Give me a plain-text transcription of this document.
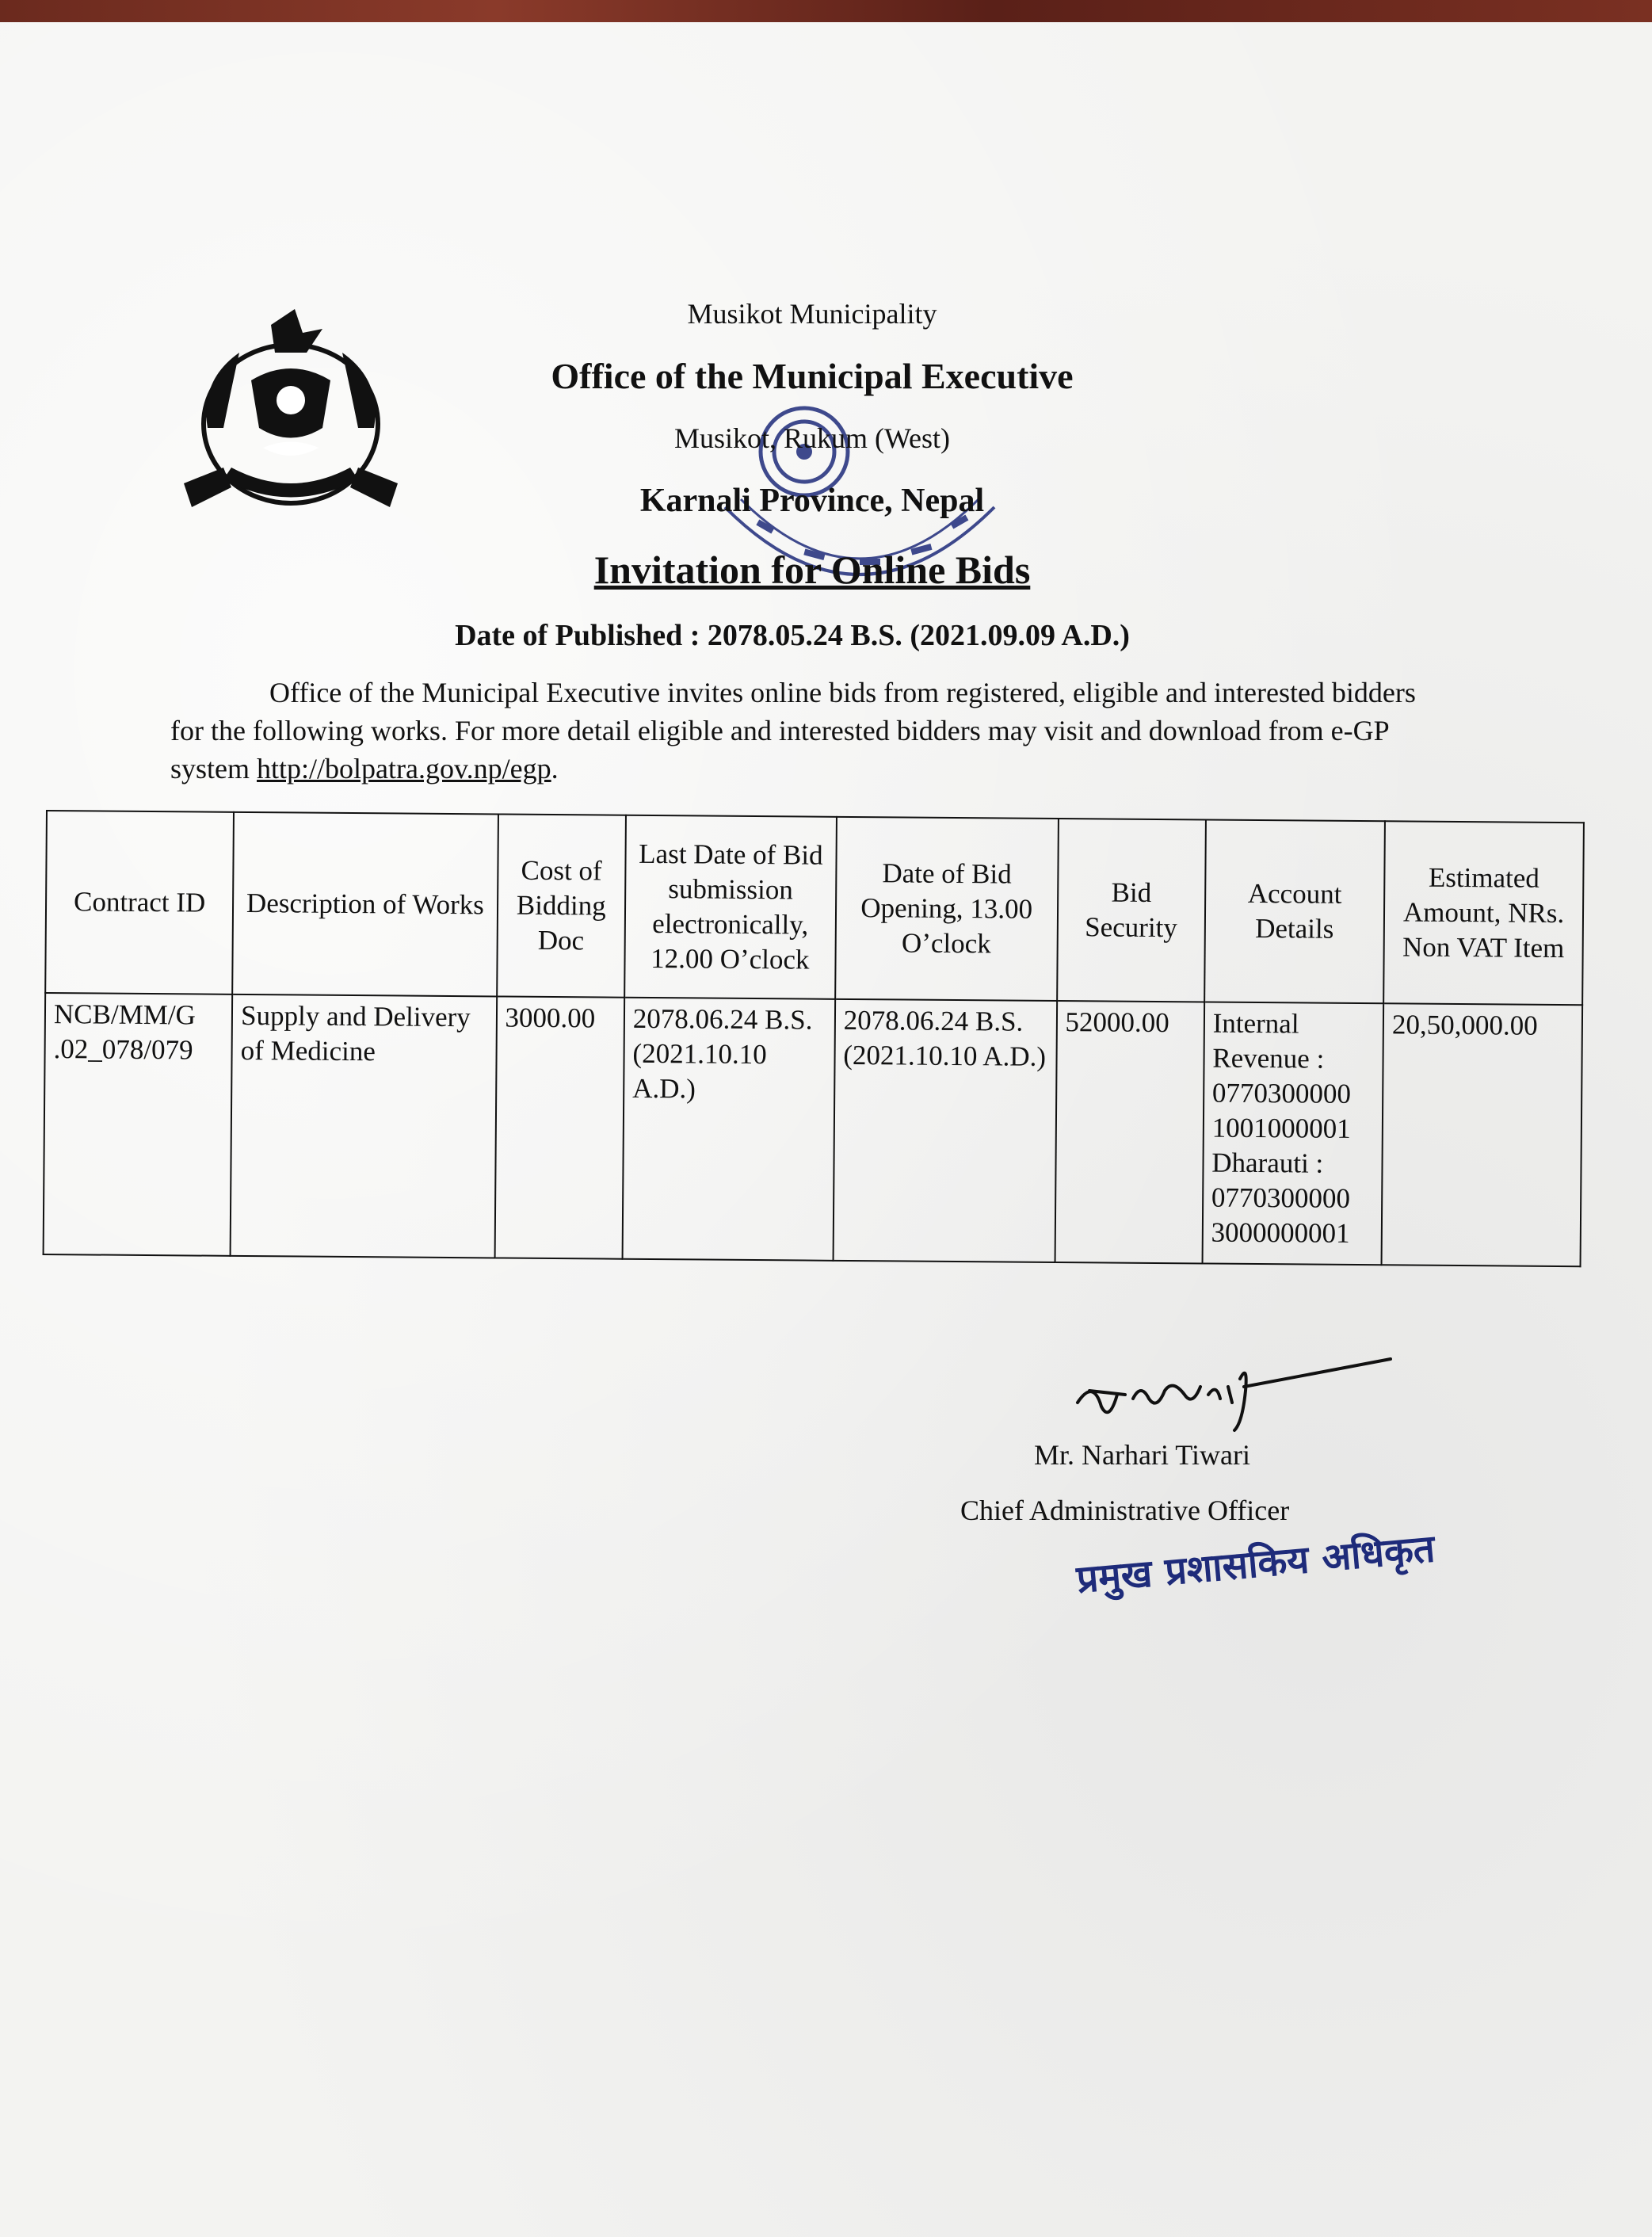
Musikot Municipality
Office of the Municipal Executive
Musikot, Rukum (West)
Karnali Province, Nepal
Invitation for Online Bids
Date of Published : 2078.05.24 B.S. (2021.09.09 A.D.)
Office of the Municipal Executive invites online bids from registered, eligible and interested bidders for the following works. For more detail eligible and interested bidders may visit and download from e-GP system http://bolpatra.gov.np/egp.
Contract ID	Description of Works	Cost of Bidding Doc	Last Date of Bid submission electronically, 12.00 O’clock	Date of Bid Opening, 13.00 O’clock	Bid Security	Account Details	Estimated Amount, NRs. Non VAT Item
NCB/MM/G .02_078/079	Supply and Delivery of Medicine	3000.00	2078.06.24 B.S. (2021.10.10 A.D.)	2078.06.24 B.S. (2021.10.10 A.D.)	52000.00	Internal Revenue :
0770300000 1001000001
Dharauti :
0770300000 3000000001	20,50,000.00
Mr. Narhari Tiwari
Chief Administrative Officer
प्रमुख प्रशासकिय अधिकृत
